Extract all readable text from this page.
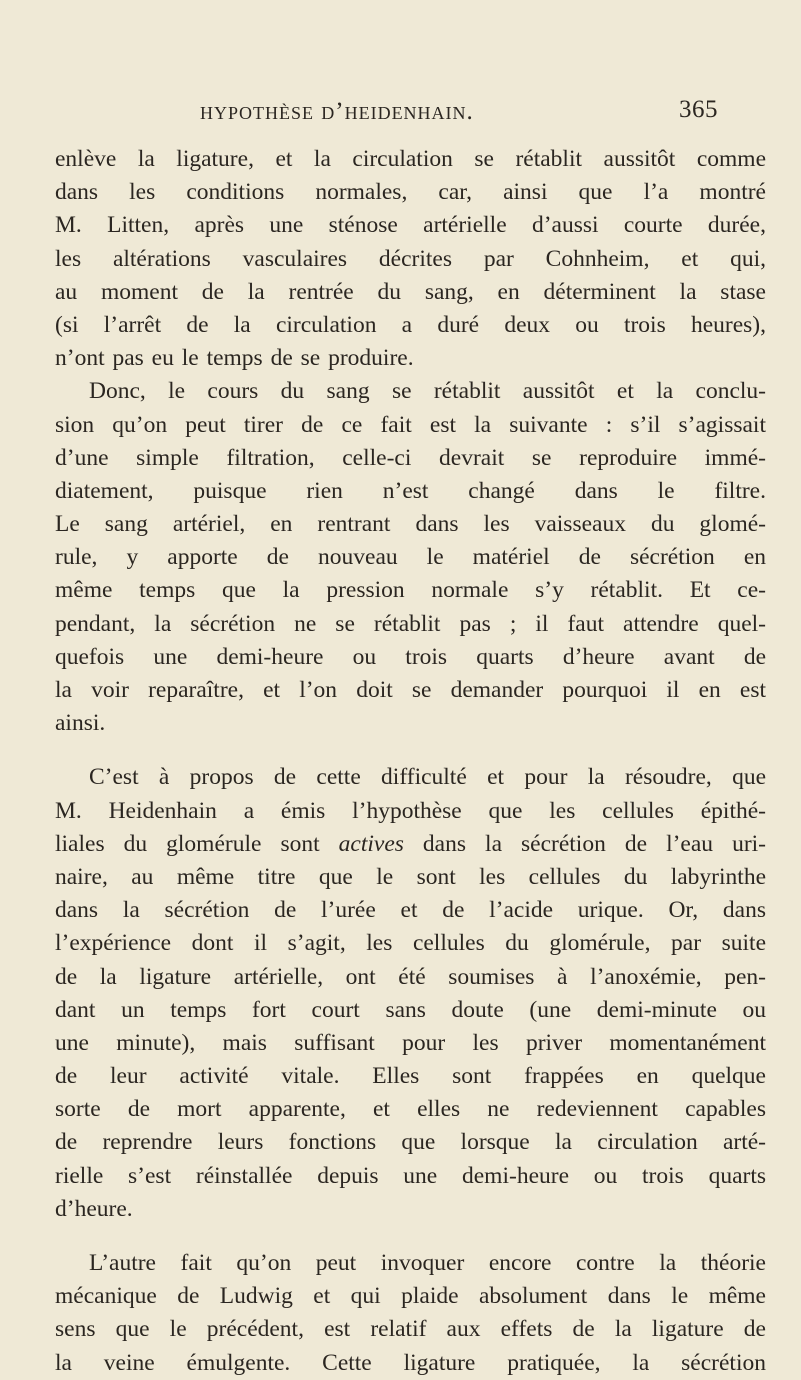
hypothèse d’heidenhain.	365
enlève la ligature, et la circulation se rétablit aussitôt comme
dans les conditions normales, car, ainsi que l’a montré
M. Litten, après une sténose artérielle d’aussi courte durée,
les altérations vasculaires décrites par Cohnheim, et qui,
au moment de la rentrée du sang, en déterminent la stase
(si l’arrêt de la circulation a duré deux ou trois heures),
n’ont pas eu le temps de se produire.
Donc, le cours du sang se rétablit aussitôt et la conclu-
sion qu’on peut tirer de ce fait est la suivante : s’il s’agissait
d’une simple filtration, celle-ci devrait se reproduire immé-
diatement, puisque rien n’est changé dans le filtre.
Le sang artériel, en rentrant dans les vaisseaux du glomé-
rule, y apporte de nouveau le matériel de sécrétion en
même temps que la pression normale s’y rétablit. Et ce-
pendant, la sécrétion ne se rétablit pas ; il faut attendre quel-
quefois une demi-heure ou trois quarts d’heure avant de
la voir reparaître, et l’on doit se demander pourquoi il en est
ainsi.
C’est à propos de cette difficulté et pour la résoudre, que
M. Heidenhain a émis l’hypothèse que les cellules épithé-
liales du glomérule sont actives dans la sécrétion de l’eau uri-
naire, au même titre que le sont les cellules du labyrinthe
dans la sécrétion de l’urée et de l’acide urique. Or, dans
l’expérience dont il s’agit, les cellules du glomérule, par suite
de la ligature artérielle, ont été soumises à l’anoxémie, pen-
dant un temps fort court sans doute (une demi-minute ou
une minute), mais suffisant pour les priver momentanément
de leur activité vitale. Elles sont frappées en quelque
sorte de mort apparente, et elles ne redeviennent capables
de reprendre leurs fonctions que lorsque la circulation arté-
rielle s’est réinstallée depuis une demi-heure ou trois quarts
d’heure.
L’autre fait qu’on peut invoquer encore contre la théorie
mécanique de Ludwig et qui plaide absolument dans le même
sens que le précédent, est relatif aux effets de la ligature de
la veine émulgente. Cette ligature pratiquée, la sécrétion
